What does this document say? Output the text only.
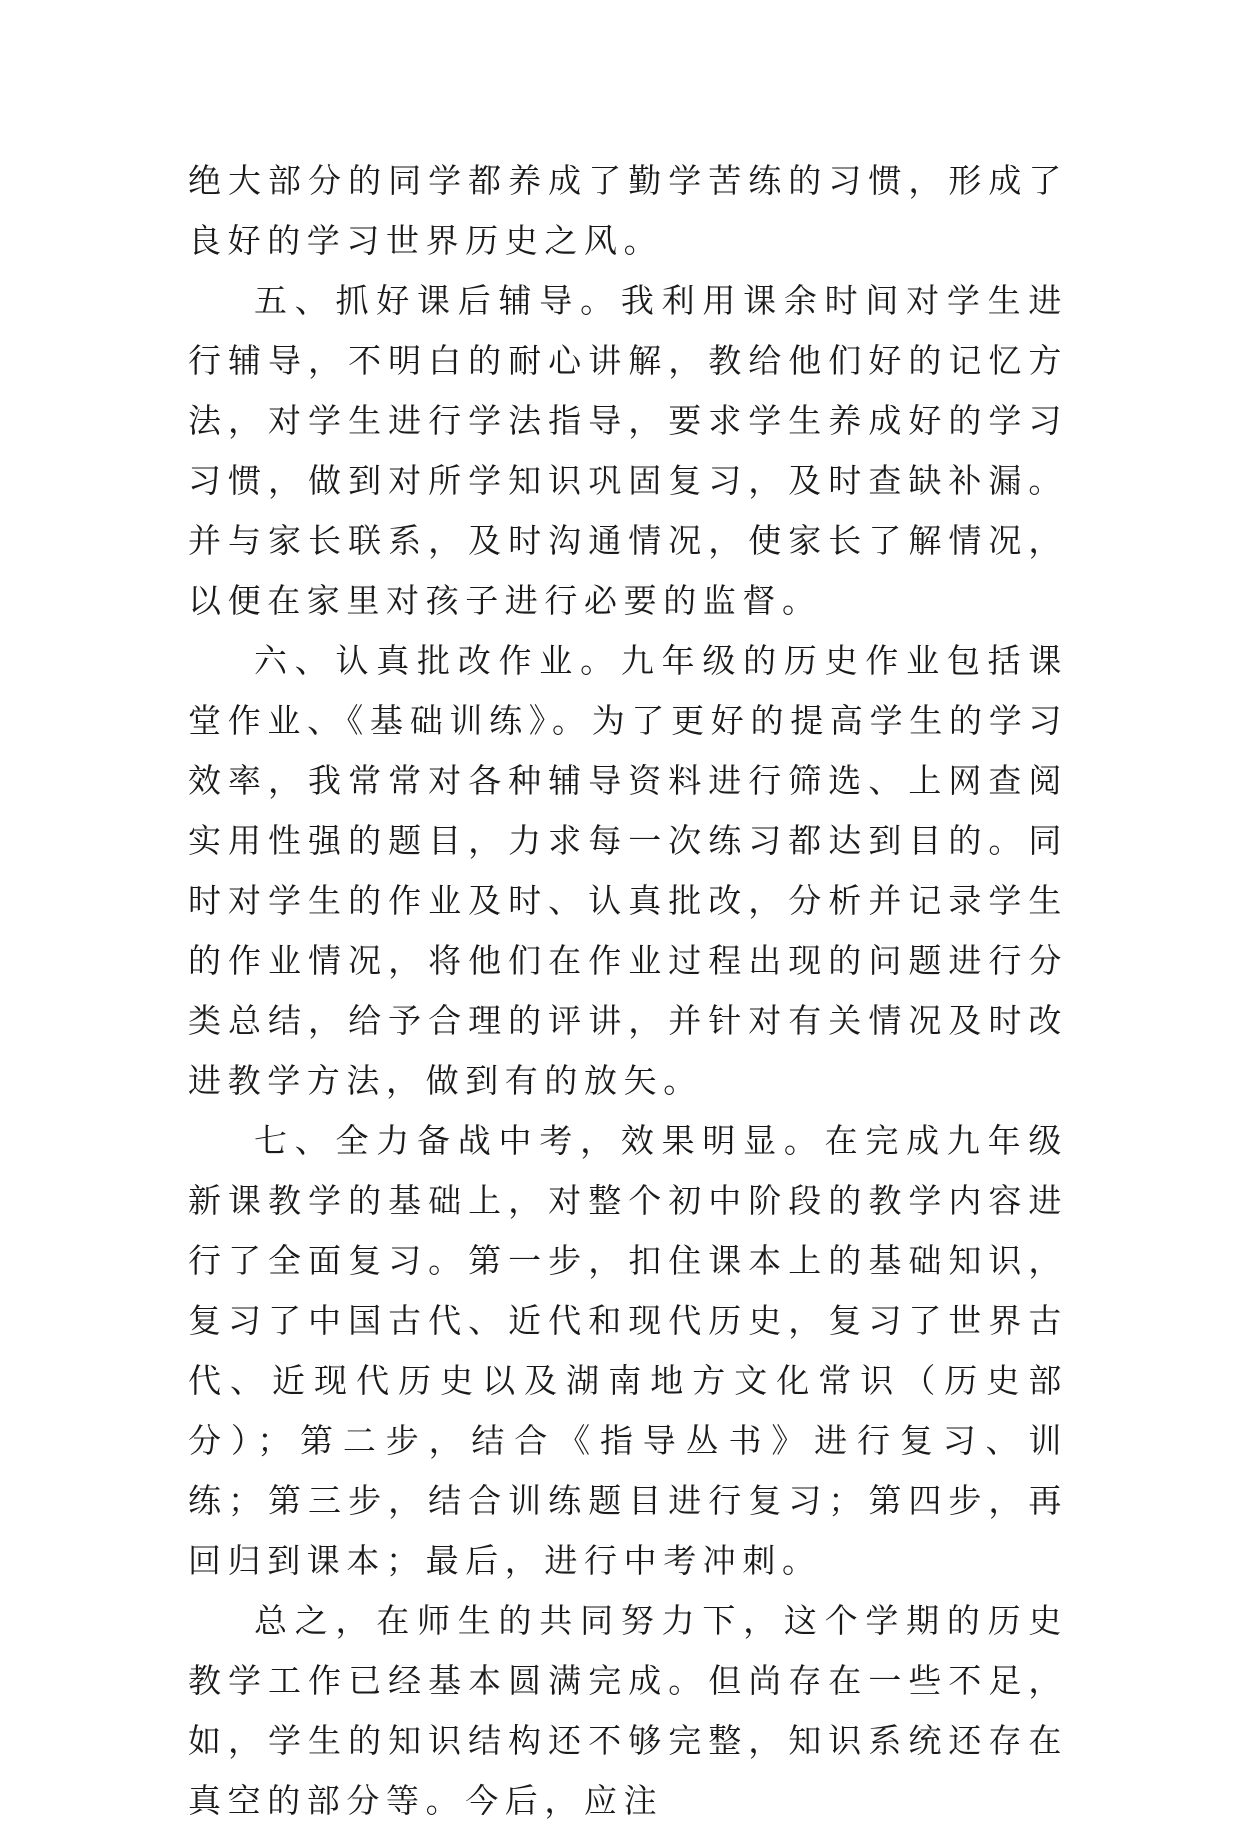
绝大部分的同学都养成了勤学苦练的习惯，形成了良好的学习世界历史之风。

五、抓好课后辅导。我利用课余时间对学生进行辅导，不明白的耐心讲解，教给他们好的记忆方法，对学生进行学法指导，要求学生养成好的学习习惯，做到对所学知识巩固复习，及时查缺补漏。并与家长联系，及时沟通情况，使家长了解情况，以便在家里对孩子进行必要的监督。

六、认真批改作业。九年级的历史作业包括课堂作业、《基础训练》。为了更好的提高学生的学习效率，我常常对各种辅导资料进行筛选、上网查阅实用性强的题目，力求每一次练习都达到目的。同时对学生的作业及时、认真批改，分析并记录学生的作业情况，将他们在作业过程出现的问题进行分类总结，给予合理的评讲，并针对有关情况及时改进教学方法，做到有的放矢。

七、全力备战中考，效果明显。在完成九年级新课教学的基础上，对整个初中阶段的教学内容进行了全面复习。第一步，扣住课本上的基础知识，复习了中国古代、近代和现代历史，复习了世界古代、近现代历史以及湖南地方文化常识（历史部分）；第二步，结合《指导丛书》进行复习、训练；第三步，结合训练题目进行复习；第四步，再回归到课本；最后，进行中考冲刺。

总之，在师生的共同努力下，这个学期的历史教学工作已经基本圆满完成。但尚存在一些不足，如，学生的知识结构还不够完整，知识系统还存在真空的部分等。今后，应注
